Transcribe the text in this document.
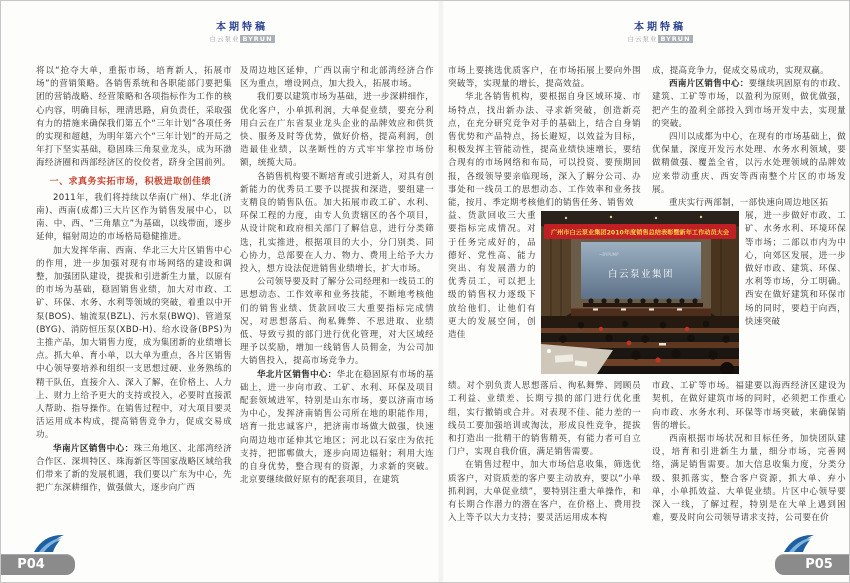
本期特稿
白云泵业 BYRUN

将以“抢夺大单，重振市场，培育新人，拓展市场”的营销策略。各销售系统和各职能部门要把集团的营销战略、经营策略和各项指标作为工作的核心内容，明确目标，理清思路，肩负责任，采取强有力的措施来确保我们第五个“三年计划”各项任务的实现和超越，为明年第六个“三年计划”的开局之年打下坚实基础，稳固珠三角泵业龙头，成为环渤海经济圈和西部经济区的佼佼者，跻身全国前列。

一、求真务实拓市场，积极进取创佳绩

2011年，我们将持续以华南(广州)、华北(济南)、西南(成都)三大片区作为销售发展中心，以南、中、西、“三角鼎立”为基础，以线带面，逐步延伸，辐射周边的市场格局稳健推进。

加大发挥华南、西南、华北三大片区销售中心的作用，进一步加强对现有市场网络的建设和调整，加强团队建设，提拔和引进新生力量，以原有的市场为基础，稳固销售业绩，加大对市政、工矿、环保、水务、水利等领域的突破，着重以中开泵(BOS)、轴流泵(BZL)、污水泵(BWQ)、管道泵(BYG)、消防恒压泵(XBD-H)、给水设备(BPS)为主推产品，加大销售力度，成为集团新的业绩增长点。抓大单、育小单，以大单为重点，各片区销售中心领导要培养和组织一支思想过硬、业务熟练的精干队伍，直接介入、深入了解，在价格上、人力上、财力上给予更大的支持或投入，必要时直接派人帮助、指导操作。在销售过程中，对大项目要灵活运用成本构成，提高销售竞争力，促成交易成功。

华南片区销售中心：珠三角地区、北部湾经济合作区、深圳特区、珠海新区等国家战略区域给我们带来了新的发展机遇，我们要以广东为中心，先把广东深耕细作，做强做大，逐步向广西

及周边地区延伸，广西以南宁和北部湾经济合作区为重点，增设网点，加大投入，拓展市场。

我们要以建筑市场为基础，进一步深耕细作，优化客户，小单抓利润，大单促业绩，要充分利用白云在广东省泵业龙头企业的品牌效应和供货快、服务及时等优势，做好价格，提高利润，创造最佳业绩，以垄断性的方式牢牢掌控市场份额，统揽大局。

各销售机构要不断培育或引进新人，对具有创新能力的优秀员工要予以提拔和深造，要组建一支精良的销售队伍。加大拓展市政工矿、水利、环保工程的力度，由专人负责辖区的各个项目，从设计院和政府相关部门了解信息，进行分类筛选，扎实推进，根据项目的大小，分门别类、同心协力，总部要在人力、物力、费用上给予大力投入，想方设法促进销售业绩增长，扩大市场。

公司领导要及时了解分公司经理和一线员工的思想动态、工作效率和业务技能，不断地考核他们的销售业绩、货款回收三大重要指标完成情况，对思想落后、徇私舞弊、不思进取、业绩低、导致亏损的部门进行优化管理，对大区域经理予以奖励，增加一线销售人员佣金，为公司加大销售投入，提高市场竞争力。

华北片区销售中心：华北在稳固原有市场的基础上，进一步向市政、工矿、水利、环保及项目配套领域进军，特别是山东市场，要以济南市场为中心，发挥济南销售公司所在地的职能作用，培育一批忠诚客户，把济南市场做大做强，快速向周边地市延伸其它地区；河北以石家庄为依托支持，把邯郸做大，逐步向周边辐射；利用大连的自身优势，整合现有的资源，力求新的突破。北京要继续做好原有的配套项目，在建筑

本期特稿
白云泵业 BYRUN

市场上要挑选优质客户，在市场拓展上要向外围突破等，实现量的增长，提高效益。

华北各销售机构，要根据自身区域环境、市场特点，找出新办法、寻求新突破，创造新亮点，在充分研究竞争对手的基础上，结合自身销售优势和产品特点，扬长避短，以效益为目标，积极发挥主管能动性，提高业绩快速增长，要结合现有的市场网络和布局，可以投资、要预期回报，各级领导要亲临现场，深入了解分公司、办事处和一线员工的思想动态、工作效率和业务技能，按月、季定期考核他们的销售任务、销售效

益、货款回收三大重要指标完成情况。对于任务完成好的，品德好、党性高、能力突出、有发展潜力的优秀员工，可以把上级的销售权力逐级下放给他们，让他们有更大的发展空间，创造佳

绩。对个别负责人思想落后、徇私舞弊、罔顾员工利益、业绩差、长期亏损的部门进行优化重组，实行撤销或合并。对表现不佳、能力差的一线员工要加强培训或淘汰，形成良性竞争，提拔和打造出一批精干的销售精英，有能力者可自立门户，实现自我价值，满足销售需要。

在销售过程中，加大市场信息收集，筛选优质客户，对资质差的客户要主动放弃，要以“小单抓利润，大单促业绩”，要特别注重大单操作，和有长期合作潜力的潜在客户，在价格上、费用投入上等予以大力支持；要灵活运用成本构

成，提高竞争力，促成交易成功，实现双赢。

西南片区销售中心：要继续巩固原有的市政、建筑、工矿等市场，以盈利为原则，做优做强，把产生的盈利全部投入到市场开发中去，实现量的突破。

四川以成都为中心，在现有的市场基础上，做优保量，深度开发污水处理、水务水利领域，要做精做强、覆盖全省，以污水处理领域的品牌效应来带动重庆、西安等西南整个片区的市场发展。

重庆实行两部制，一部快速向周边地区拓

展，进一步做好市政、工矿、水务水利、环境环保等市场；二部以市内为中心，向郊区发展，进一步做好市政、建筑、环保、水利等市场，分工明确。西安在做好建筑和环保市场的同时，要趋于向西，快速突破

市政、工矿等市场。福建要以海西经济区建设为契机，在做好建筑市场的同时，必须把工作重心向市政、水务水利、环保等市场突破，来确保销售的增长。

西南根据市场状况和目标任务，加快团队建设，培育和引进新生力量，细分市场，完善网络，满足销售需要。加大信息收集力度，分类分级、狠抓落实，整合客户资源，抓大单、弃小单，小单抓效益、大单促业绩。片区中心领导要深入一线，了解过程，特别是在大单上遇到困难，要及时向公司领导请求支持，公司要在价

~BYPUMP
白云泵业集团
广州市白云泵业集团2010年度销售总结表彰暨新年工作动员大会
P04	P05
